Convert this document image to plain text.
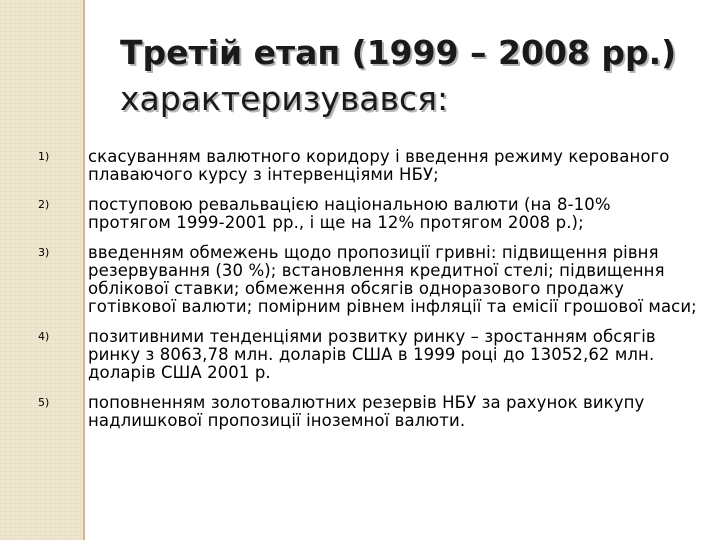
Третій етап (1999 – 2008 рр.) характеризувався:
1)	скасуванням валютного коридору і введення режиму керованого плаваючого курсу з інтервенціями НБУ;
2)	поступовою ревальвацією національною валюти (на 8-10% протягом 1999-2001 рр., і ще на 12% протягом 2008 р.);
3)	введенням обмежень щодо пропозиції гривні: підвищення рівня резервування (30 %); встановлення кредитної стелі; підвищення облікової ставки; обмеження обсягів одноразового продажу готівкової валюти; помірним рівнем інфляції та емісії грошової маси;
4)	позитивними тенденціями розвитку ринку – зростанням обсягів ринку з 8063,78 млн. доларів США в 1999 році до 13052,62 млн. доларів США 2001 р.
5)	поповненням золотовалютних резервів НБУ за рахунок викупу надлишкової пропозиції іноземної валюти.
